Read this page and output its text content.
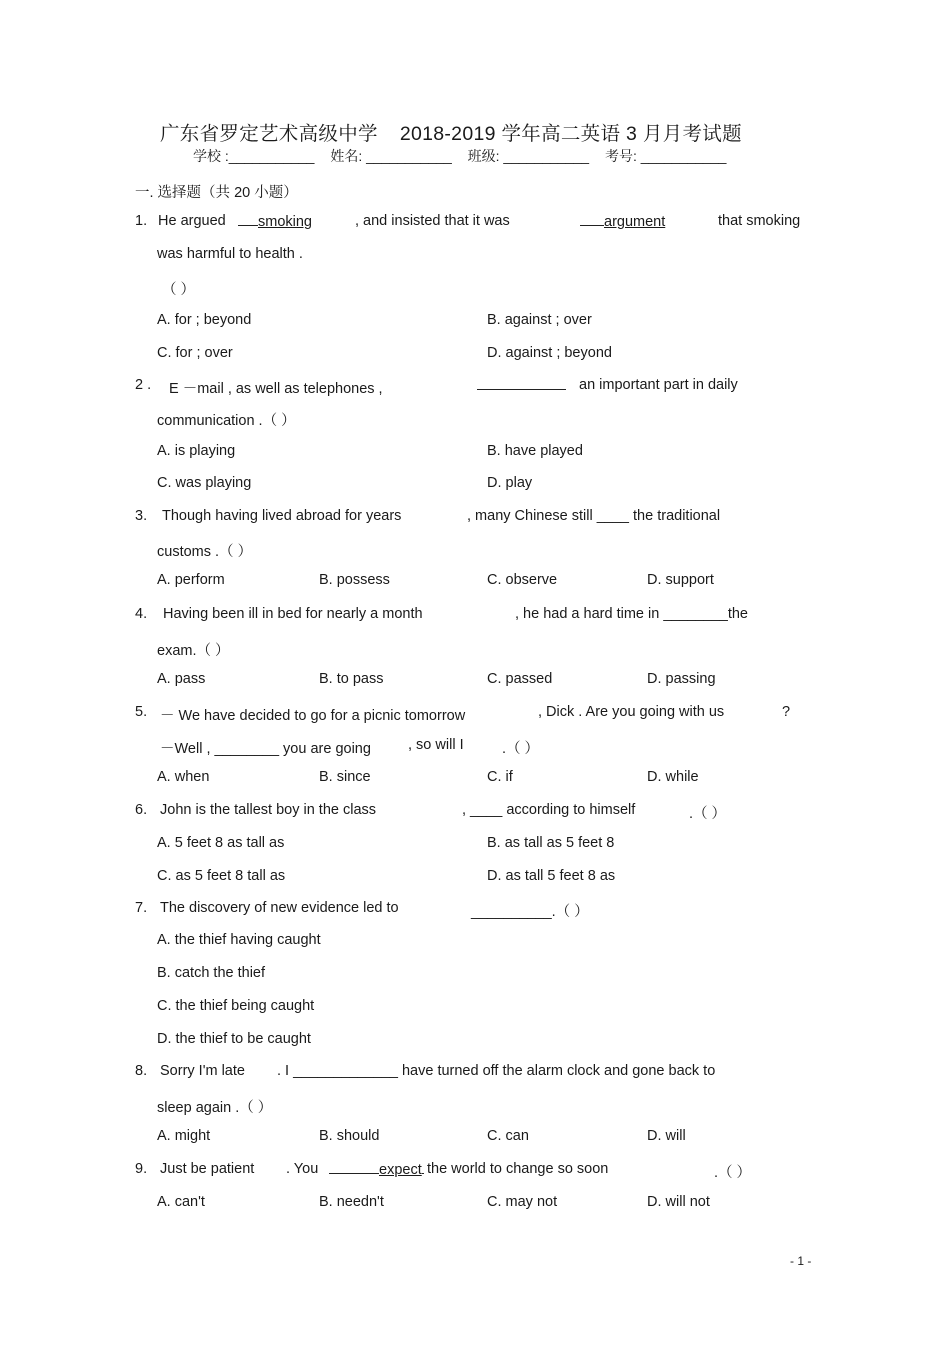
广东省罗定艺术高级中学 2018-2019 学年高二英语 3 月月考试题
学校 :___________ 姓名: ___________ 班级: ___________ 考号: ___________
一. 选择题（共 20 小题）
1. He argued	smoking	, and insisted that it was	argument	that smoking
was harmful to health .
（ ）
A. for ; beyond	B. against ; over
C. for ; over	D. against ; beyond
2 . E －mail , as well as telephones ,	an important part in daily
communication .（ ）
A. is playing	B. have played
C. was playing	D. play
3. Though having lived abroad for years	, many Chinese still ____ the traditional
customs .（ ）
A. perform	B. possess	C. observe	D. support
4. Having been ill in bed for nearly a month	, he had a hard time in ________the
exam.（ ）
A. pass	B. to pass	C. passed	D. passing
5. － We have decided to go for a picnic tomorrow	, Dick . Are you going with us	?
－Well , ________ you are going	, so will I	.（ ）
A. when	B. since	C. if	D. while
6. John is the tallest boy in the class	, ____ according to himself	.（ ）
A. 5 feet 8 as tall as	B. as tall as 5 feet 8
C. as 5 feet 8 tall as	D. as tall 5 feet 8 as
7. The discovery of new evidence led to	__________.（ ）
A. the thief having caught
B. catch the thief
C. the thief being caught
D. the thief to be caught
8. Sorry I'm late . I _____________ have turned off the alarm clock and gone back to
sleep again .（ ）
A. might	B. should	C. can	D. will
9. Just be patient . You	expect the world to change so soon	.（ ）
A. can't	B. needn't	C. may not	D. will not
- 1 -
